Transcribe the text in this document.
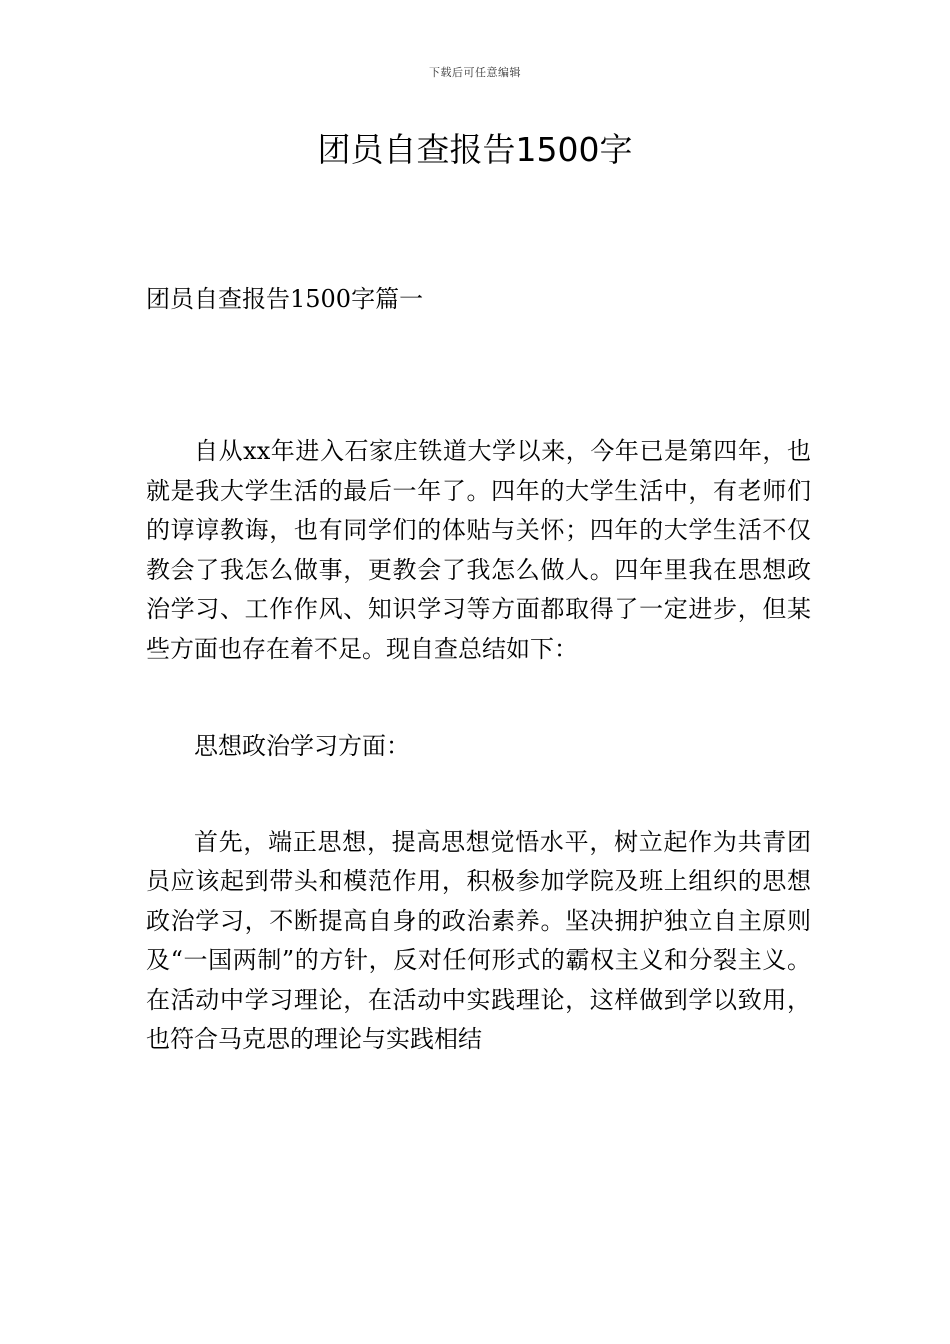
下载后可任意编辑
团员自查报告1500字
团员自查报告1500字篇一

自从xx年进入石家庄铁道大学以来，今年已是第四年，也就是我大学生活的最后一年了。四年的大学生活中，有老师们的谆谆教诲，也有同学们的体贴与关怀；四年的大学生活不仅教会了我怎么做事，更教会了我怎么做人。四年里我在思想政治学习、工作作风、知识学习等方面都取得了一定进步，但某些方面也存在着不足。现自查总结如下：

思想政治学习方面：

首先，端正思想，提高思想觉悟水平，树立起作为共青团员应该起到带头和模范作用，积极参加学院及班上组织的思想政治学习，不断提高自身的政治素养。坚决拥护独立自主原则及“一国两制”的方针，反对任何形式的霸权主义和分裂主义。在活动中学习理论，在活动中实践理论，这样做到学以致用，也符合马克思的理论与实践相结
